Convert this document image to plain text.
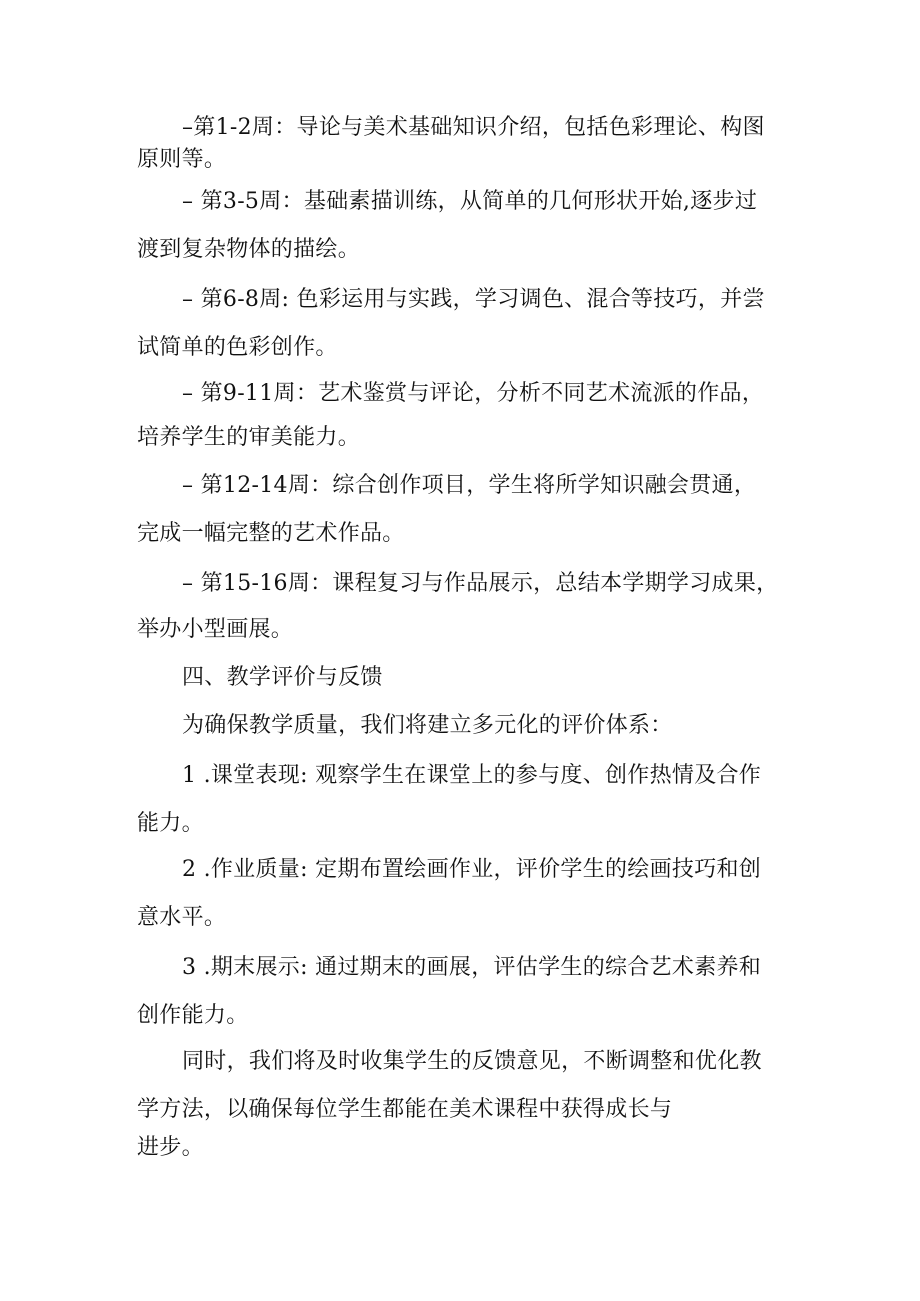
–第1-2周：导论与美术基础知识介绍，包括色彩理论、构图
原则等。
– 第3-5周：基础素描训练，从简单的几何形状开始,逐步过
渡到复杂物体的描绘。
– 第6-8周: 色彩运用与实践，学习调色、混合等技巧，并尝
试简单的色彩创作。
– 第9-11周：艺术鉴赏与评论，分析不同艺术流派的作品，
培养学生的审美能力。
– 第12-14周：综合创作项目，学生将所学知识融会贯通，
完成一幅完整的艺术作品。
– 第15-16周：课程复习与作品展示，总结本学期学习成果，
举办小型画展。
四、教学评价与反馈
为确保教学质量，我们将建立多元化的评价体系：
1 .课堂表现: 观察学生在课堂上的参与度、创作热情及合作
能力。
2 .作业质量: 定期布置绘画作业，评价学生的绘画技巧和创
意水平。
3 .期末展示: 通过期末的画展，评估学生的综合艺术素养和
创作能力。
同时，我们将及时收集学生的反馈意见，不断调整和优化教
学方法，以确保每位学生都能在美术课程中获得成长与
进步。
